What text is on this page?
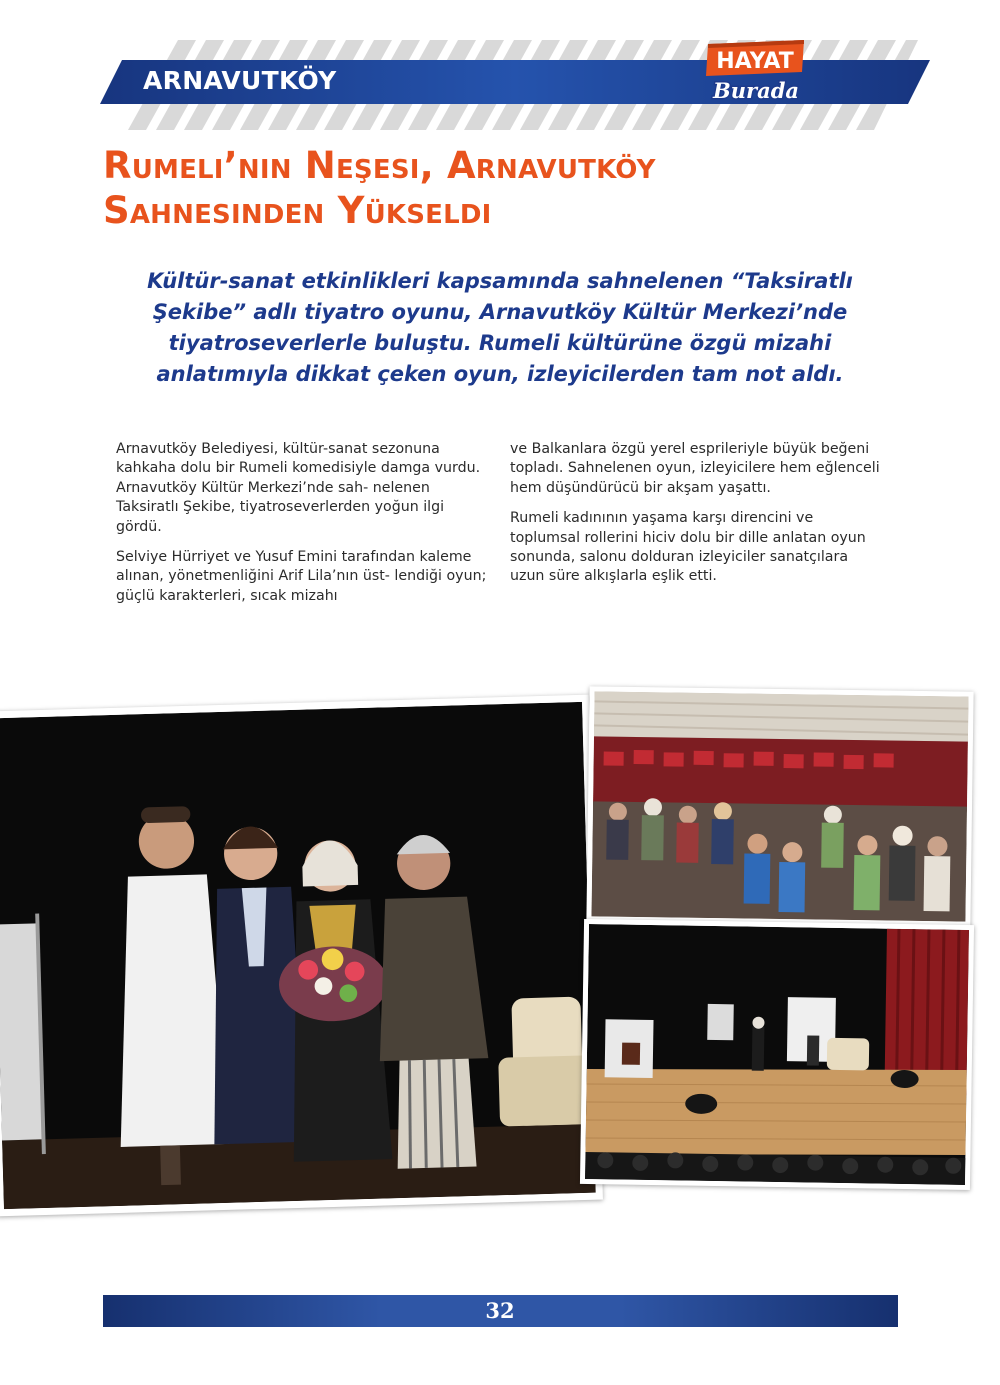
ARNAVUTKÖY
HAYAT
Burada
Rumeli’nin Neşesi, Arnavutköy
Sahnesinden Yükseldi

Kültür-sanat etkinlikleri kapsamında sahnelenen “Taksiratlı Şekibe” adlı tiyatro oyunu, Arnavutköy Kültür Merkezi’nde tiyatroseverlerle buluştu. Rumeli kültürüne özgü mizahi anlatımıyla dikkat çeken oyun, izleyicilerden tam not aldı.

Arnavutköy Belediyesi, kültür-sanat sezonuna kahkaha dolu bir Rumeli komedisiyle damga vurdu. Arnavutköy Kültür Merkezi’nde sah- nelenen Taksiratlı Şekibe, tiyatroseverlerden yoğun ilgi gördü.

Selviye Hürriyet ve Yusuf Emini tarafından kaleme alınan, yönetmenliğini Arif Lila’nın üst- lendiği oyun; güçlü karakterleri, sıcak mizahı

ve Balkanlara özgü yerel esprileriyle büyük beğeni topladı. Sahnelenen oyun, izleyicilere hem eğlenceli hem düşündürücü bir akşam yaşattı.

Rumeli kadınının yaşama karşı direncini ve toplumsal rollerini hiciv dolu bir dille anlatan oyun sonunda, salonu dolduran izleyiciler sanatçılara uzun süre alkışlarla eşlik etti.

32
